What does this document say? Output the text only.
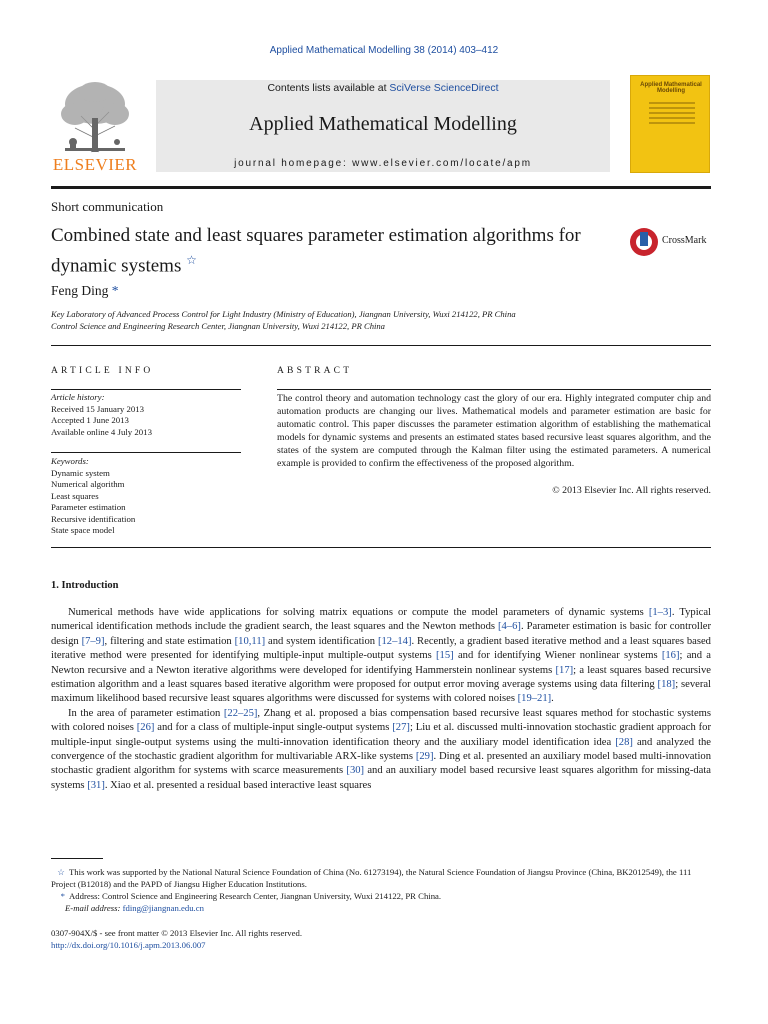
Applied Mathematical Modelling 38 (2014) 403–412
ELSEVIER
Contents lists available at SciVerse ScienceDirect
Applied Mathematical Modelling
journal homepage: www.elsevier.com/locate/apm
Applied Mathematical Modelling
Short communication
Combined state and least squares parameter estimation algorithms for dynamic systems ☆
CrossMark
Feng Ding *
Key Laboratory of Advanced Process Control for Light Industry (Ministry of Education), Jiangnan University, Wuxi 214122, PR China
Control Science and Engineering Research Center, Jiangnan University, Wuxi 214122, PR China
ARTICLE INFO
Article history:
Received 15 January 2013
Accepted 1 June 2013
Available online 4 July 2013
Keywords:
Dynamic system
Numerical algorithm
Least squares
Parameter estimation
Recursive identification
State space model
ABSTRACT
The control theory and automation technology cast the glory of our era. Highly integrated computer chip and automation products are changing our lives. Mathematical models and parameter estimation are basic for automatic control. This paper discusses the parameter estimation algorithm of establishing the mathematical models for dynamic systems and presents an estimated states based recursive least squares algorithm, and the states of the system are computed through the Kalman filter using the estimated parameters. A numerical example is provided to confirm the effectiveness of the proposed algorithm.
© 2013 Elsevier Inc. All rights reserved.
1. Introduction

Numerical methods have wide applications for solving matrix equations or compute the model parameters of dynamic systems [1–3]. Typical numerical identification methods include the gradient search, the least squares and the Newton methods [4–6]. Parameter estimation is basic for controller design [7–9], filtering and state estimation [10,11] and system identification [12–14]. Recently, a gradient based iterative method and a least squares based iterative method were presented for identifying multiple-input multiple-output systems [15] and for identifying Wiener nonlinear systems [16]; and a Newton recursive and a Newton iterative algorithms were developed for identifying Hammerstein nonlinear systems [17]; a least squares based recursive estimation algorithm and a least squares based iterative algorithm were proposed for output error moving average systems using data filtering [18]; several maximum likelihood based recursive least squares algorithms were discussed for systems with colored noises [19–21].

In the area of parameter estimation [22–25], Zhang et al. proposed a bias compensation based recursive least squares method for stochastic systems with colored noises [26] and for a class of multiple-input single-output systems [27]; Liu et al. discussed multi-innovation stochastic gradient approach for multiple-input single-output systems using the multi-innovation identification theory and the auxiliary model identification idea [28] and analyzed the convergence of the stochastic gradient algorithm for multivariable ARX-like systems [29]. Ding et al. presented an auxiliary model based multi-innovation stochastic gradient algorithm for systems with scarce measurements [30] and an auxiliary model based recursive least squares algorithm for missing-data systems [31]. Xiao et al. presented a residual based interactive least squares

☆ This work was supported by the National Natural Science Foundation of China (No. 61273194), the Natural Science Foundation of Jiangsu Province (China, BK2012549), the 111 Project (B12018) and the PAPD of Jiangsu Higher Education Institutions.
* Address: Control Science and Engineering Research Center, Jiangnan University, Wuxi 214122, PR China.
E-mail address: fding@jiangnan.edu.cn
0307-904X/$ - see front matter © 2013 Elsevier Inc. All rights reserved.
http://dx.doi.org/10.1016/j.apm.2013.06.007
